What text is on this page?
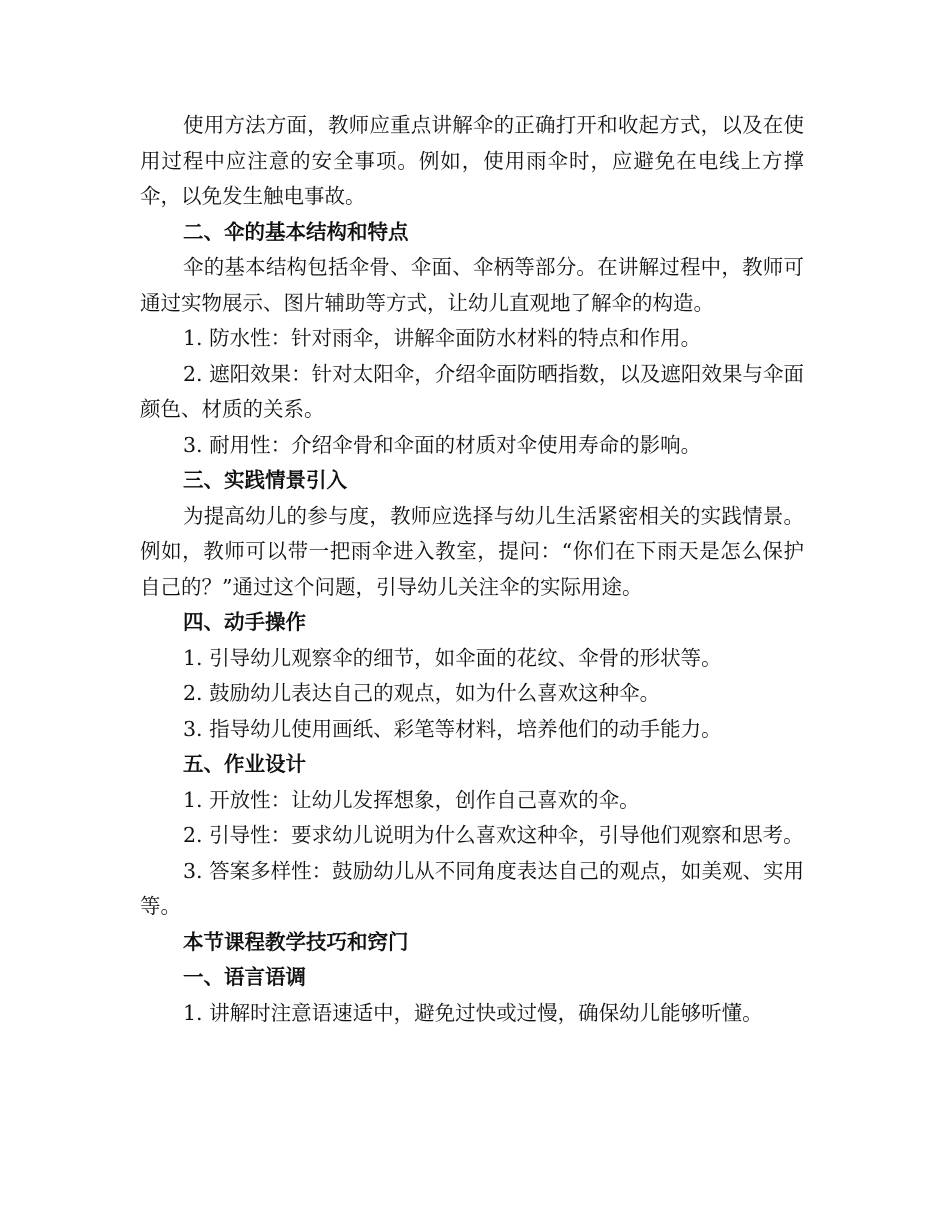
使用方法方面，教师应重点讲解伞的正确打开和收起方式，以及在使用过程中应注意的安全事项。例如，使用雨伞时，应避免在电线上方撑伞，以免发生触电事故。

二、伞的基本结构和特点

伞的基本结构包括伞骨、伞面、伞柄等部分。在讲解过程中，教师可通过实物展示、图片辅助等方式，让幼儿直观地了解伞的构造。

1. 防水性：针对雨伞，讲解伞面防水材料的特点和作用。

2. 遮阳效果：针对太阳伞，介绍伞面防晒指数，以及遮阳效果与伞面颜色、材质的关系。

3. 耐用性：介绍伞骨和伞面的材质对伞使用寿命的影响。

三、实践情景引入

为提高幼儿的参与度，教师应选择与幼儿生活紧密相关的实践情景。例如，教师可以带一把雨伞进入教室，提问：“你们在下雨天是怎么保护自己的？”通过这个问题，引导幼儿关注伞的实际用途。

四、动手操作

1. 引导幼儿观察伞的细节，如伞面的花纹、伞骨的形状等。

2. 鼓励幼儿表达自己的观点，如为什么喜欢这种伞。

3. 指导幼儿使用画纸、彩笔等材料，培养他们的动手能力。

五、作业设计

1. 开放性：让幼儿发挥想象，创作自己喜欢的伞。

2. 引导性：要求幼儿说明为什么喜欢这种伞，引导他们观察和思考。

3. 答案多样性：鼓励幼儿从不同角度表达自己的观点，如美观、实用等。

本节课程教学技巧和窍门

一、语言语调

1. 讲解时注意语速适中，避免过快或过慢，确保幼儿能够听懂。
